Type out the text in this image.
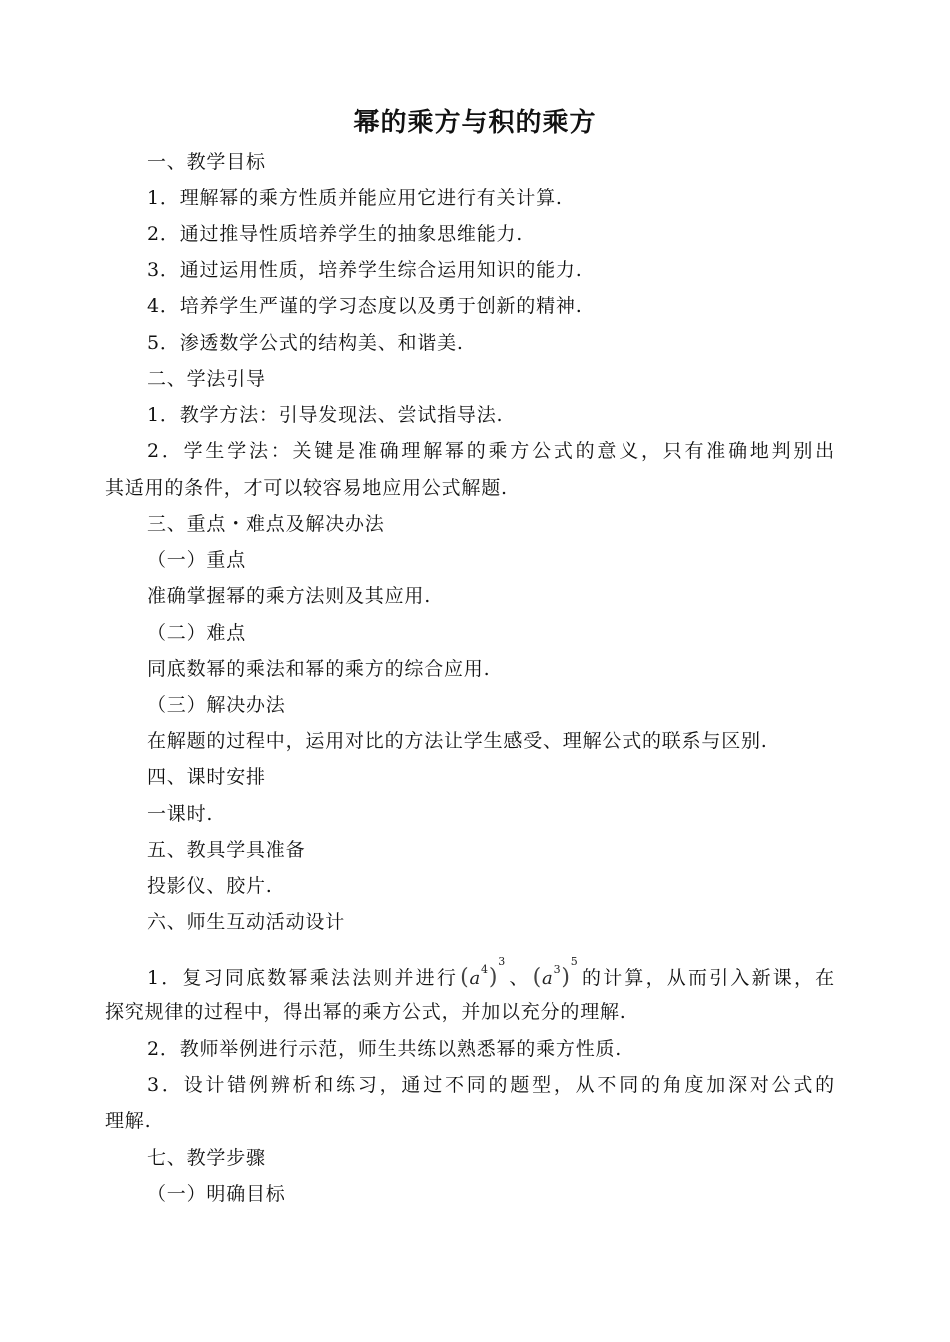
幂的乘方与积的乘方
一、教学目标
1．理解幂的乘方性质并能应用它进行有关计算.
2．通过推导性质培养学生的抽象思维能力.
3．通过运用性质，培养学生综合运用知识的能力.
4．培养学生严谨的学习态度以及勇于创新的精神.
5．渗透数学公式的结构美、和谐美.
二、学法引导
1．教学方法：引导发现法、尝试指导法.
2．学生学法：关键是准确理解幂的乘方公式的意义，只有准确地判别出
其适用的条件，才可以较容易地应用公式解题.
三、重点・难点及解决办法
（一）重点
准确掌握幂的乘方法则及其应用.
（二）难点
同底数幂的乘法和幂的乘方的综合应用.
（三）解决办法
在解题的过程中，运用对比的方法让学生感受、理解公式的联系与区别.
四、课时安排
一课时.
五、教具学具准备
投影仪、胶片.
六、师生互动活动设计
1．复习同底数幂乘法法则并进行$(a^4)^3$、$(a^3)^5$的计算，从而引入新课，在
探究规律的过程中，得出幂的乘方公式，并加以充分的理解.
2．教师举例进行示范，师生共练以熟悉幂的乘方性质.
3．设计错例辨析和练习，通过不同的题型，从不同的角度加深对公式的
理解.
七、教学步骤
（一）明确目标
